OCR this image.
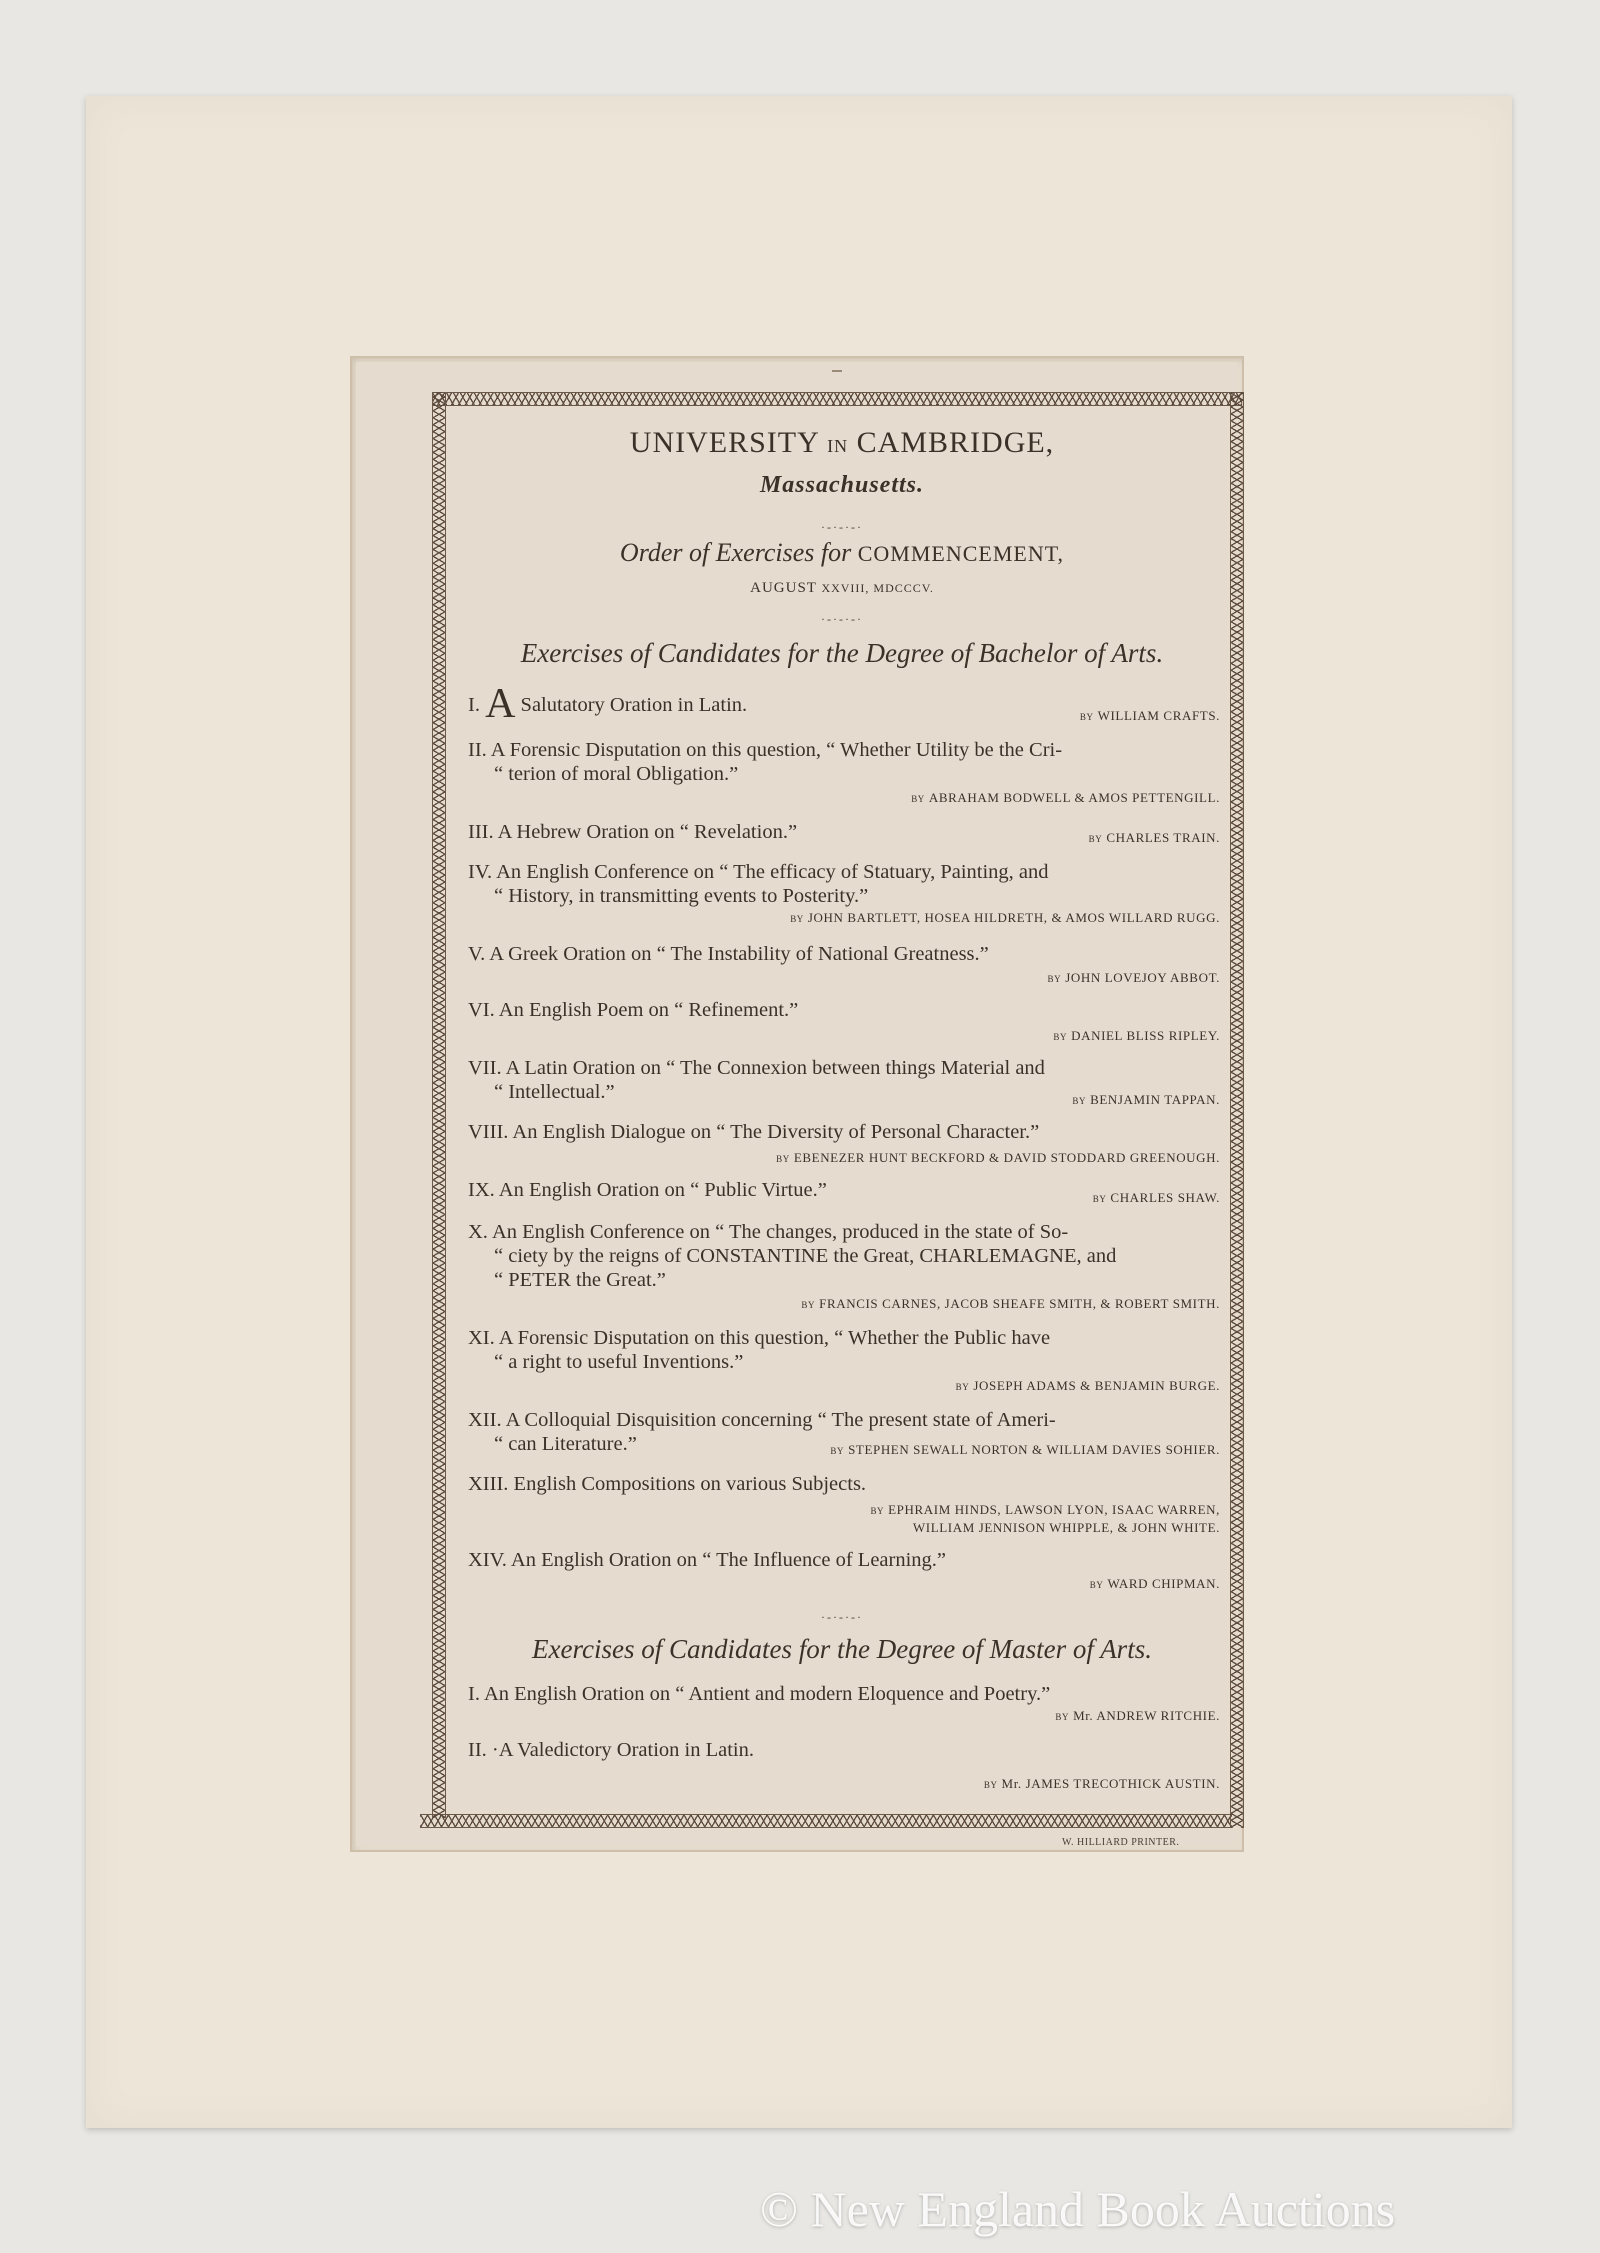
UNIVERSITY IN CAMBRIDGE,
Massachusetts.
·-·-·-·
Order of Exercises for COMMENCEMENT,
AUGUST XXVIII, MDCCCV.
·-·-·-·
Exercises of Candidates for the Degree of Bachelor of Arts.
I. A Salutatory Oration in Latin.
BY WILLIAM CRAFTS.
II. A Forensic Disputation on this question, “ Whether Utility be the Cri-
“ terion of moral Obligation.”
BY ABRAHAM BODWELL & AMOS PETTENGILL.
III. A Hebrew Oration on “ Revelation.”	BY CHARLES TRAIN.
IV. An English Conference on “ The efficacy of Statuary, Painting, and
“ History, in transmitting events to Posterity.”
BY JOHN BARTLETT, HOSEA HILDRETH, & AMOS WILLARD RUGG.
V. A Greek Oration on “ The Instability of National Greatness.”
BY JOHN LOVEJOY ABBOT.
VI. An English Poem on “ Refinement.”
BY DANIEL BLISS RIPLEY.
VII. A Latin Oration on “ The Connexion between things Material and
“ Intellectual.”	BY BENJAMIN TAPPAN.
VIII. An English Dialogue on “ The Diversity of Personal Character.”
BY EBENEZER HUNT BECKFORD & DAVID STODDARD GREENOUGH.
IX. An English Oration on “ Public Virtue.”	BY CHARLES SHAW.
X. An English Conference on “ The changes, produced in the state of So-
“ ciety by the reigns of CONSTANTINE the Great, CHARLEMAGNE, and
“ PETER the Great.”
BY FRANCIS CARNES, JACOB SHEAFE SMITH, & ROBERT SMITH.
XI. A Forensic Disputation on this question, “ Whether the Public have
“ a right to useful Inventions.”
BY JOSEPH ADAMS & BENJAMIN BURGE.
XII. A Colloquial Disquisition concerning “ The present state of Ameri-
“ can Literature.”	BY STEPHEN SEWALL NORTON & WILLIAM DAVIES SOHIER.
XIII. English Compositions on various Subjects.
BY EPHRAIM HINDS, LAWSON LYON, ISAAC WARREN,
WILLIAM JENNISON WHIPPLE, & JOHN WHITE.
XIV. An English Oration on “ The Influence of Learning.”
BY WARD CHIPMAN.
·-·-·-·
Exercises of Candidates for the Degree of Master of Arts.
I. An English Oration on “ Antient and modern Eloquence and Poetry.”
BY Mr. ANDREW RITCHIE.
II. ·A Valedictory Oration in Latin.
BY Mr. JAMES TRECOTHICK AUSTIN.
W. HILLIARD PRINTER.
© New England Book Auctions
